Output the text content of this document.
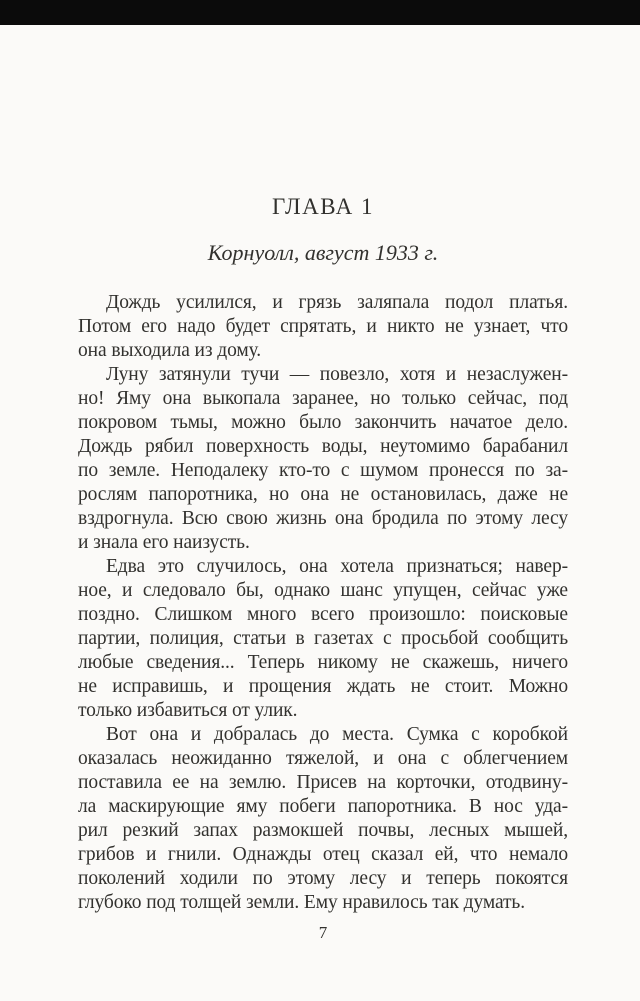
ГЛАВА 1
Корнуолл, август 1933 г.
Дождь усилился, и грязь заляпала подол платья.
Потом его надо будет спрятать, и никто не узнает, что
она выходила из дому.
Луну затянули тучи — повезло, хотя и незаслужен-
но! Яму она выкопала заранее, но только сейчас, под
покровом тьмы, можно было закончить начатое дело.
Дождь рябил поверхность воды, неутомимо барабанил
по земле. Неподалеку кто-то с шумом пронесся по за-
рослям папоротника, но она не остановилась, даже не
вздрогнула. Всю свою жизнь она бродила по этому лесу
и знала его наизусть.
Едва это случилось, она хотела признаться; навер-
ное, и следовало бы, однако шанс упущен, сейчас уже
поздно. Слишком много всего произошло: поисковые
партии, полиция, статьи в газетах с просьбой сообщить
любые сведения... Теперь никому не скажешь, ничего
не исправишь, и прощения ждать не стоит. Можно
только избавиться от улик.
Вот она и добралась до места. Сумка с коробкой
оказалась неожиданно тяжелой, и она с облегчением
поставила ее на землю. Присев на корточки, отодвину-
ла маскирующие яму побеги папоротника. В нос уда-
рил резкий запах размокшей почвы, лесных мышей,
грибов и гнили. Однажды отец сказал ей, что немало
поколений ходили по этому лесу и теперь покоятся
глубоко под толщей земли. Ему нравилось так думать.
7
